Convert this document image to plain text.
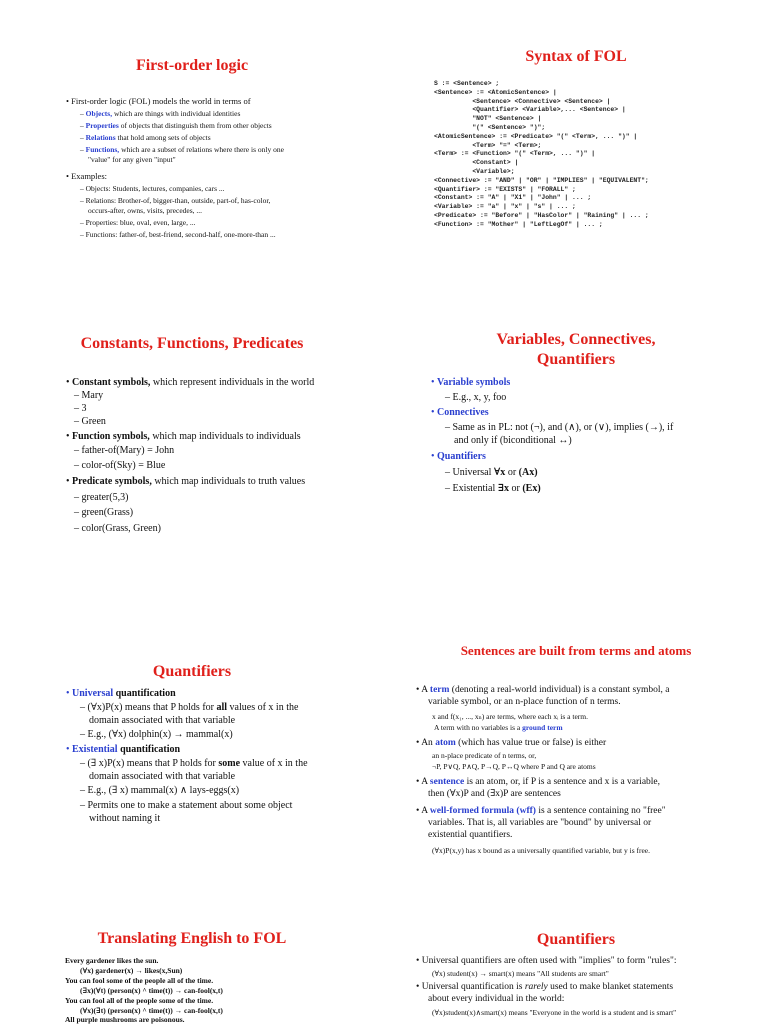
First-order logic
• First-order logic (FOL) models the world in terms of
– Objects, which are things with individual identities
– Properties of objects that distinguish them from other objects
– Relations that hold among sets of objects
– Functions, which are a subset of relations where there is only one
"value" for any given "input"
• Examples:
– Objects: Students, lectures, companies, cars ...
– Relations: Brother-of, bigger-than, outside, part-of, has-color,
occurs-after, owns, visits, precedes, ...
– Properties: blue, oval, even, large, ...
– Functions: father-of, best-friend, second-half, one-more-than ...
Syntax of FOL
S := <Sentence> ;
<Sentence> := <AtomicSentence> |
<Sentence> <Connective> <Sentence> |
<Quantifier> <Variable>,... <Sentence> |
"NOT" <Sentence> |
"(" <Sentence> ")";
<AtomicSentence> := <Predicate> "(" <Term>, ... ")" |
<Term> "=" <Term>;
<Term> := <Function> "(" <Term>, ... ")" |
<Constant> |
<Variable>;
<Connective> := "AND" | "OR" | "IMPLIES" | "EQUIVALENT";
<Quantifier> := "EXISTS" | "FORALL" ;
<Constant> := "A" | "X1" | "John" | ... ;
<Variable> := "a" | "x" | "s" | ... ;
<Predicate> := "Before" | "HasColor" | "Raining" | ... ;
<Function> := "Mother" | "LeftLegOf" | ... ;
Constants, Functions, Predicates
• Constant symbols, which represent individuals in the world
– Mary
– 3
– Green
• Function symbols, which map individuals to individuals
– father-of(Mary) = John
– color-of(Sky) = Blue
• Predicate symbols, which map individuals to truth values
– greater(5,3)
– green(Grass)
– color(Grass, Green)
Variables, Connectives,
Quantifiers
• Variable symbols
– E.g., x, y, foo
• Connectives
– Same as in PL: not (¬), and (∧), or (∨), implies (→), if
and only if (biconditional ↔)
• Quantifiers
– Universal ∀x or (Ax)
– Existential ∃x or (Ex)
Quantifiers
• Universal quantification
– (∀x)P(x) means that P holds for all values of x in the
domain associated with that variable
– E.g., (∀x) dolphin(x) → mammal(x)
• Existential quantification
– (∃ x)P(x) means that P holds for some value of x in the
domain associated with that variable
– E.g., (∃ x) mammal(x) ∧ lays-eggs(x)
– Permits one to make a statement about some object
without naming it
Sentences are built from terms and atoms
• A term (denoting a real-world individual) is a constant symbol, a
variable symbol, or an n-place function of n terms.
x and f(x₁, ..., xₙ) are terms, where each xᵢ is a term.
A term with no variables is a ground term
• An atom (which has value true or false) is either
an n-place predicate of n terms, or,
¬P, P∨Q, P∧Q, P→Q, P↔Q where P and Q are atoms
• A sentence is an atom, or, if P is a sentence and x is a variable,
then (∀x)P and (∃x)P are sentences
• A well-formed formula (wff) is a sentence containing no "free"
variables. That is, all variables are "bound" by universal or
existential quantifiers.
(∀x)P(x,y) has x bound as a universally quantified variable, but y is free.
Translating English to FOL
Every gardener likes the sun.
(∀x) gardener(x) → likes(x,Sun)
You can fool some of the people all of the time.
(∃x)(∀t) (person(x) ^ time(t)) → can-fool(x,t)
You can fool all of the people some of the time.
(∀x)(∃t) (person(x) ^ time(t)) → can-fool(x,t)
All purple mushrooms are poisonous.
Quantifiers
• Universal quantifiers are often used with "implies" to form "rules":
(∀x) student(x) → smart(x) means "All students are smart"
• Universal quantification is rarely used to make blanket statements
about every individual in the world:
(∀x)student(x)∧smart(x) means "Everyone in the world is a student and is smart"
